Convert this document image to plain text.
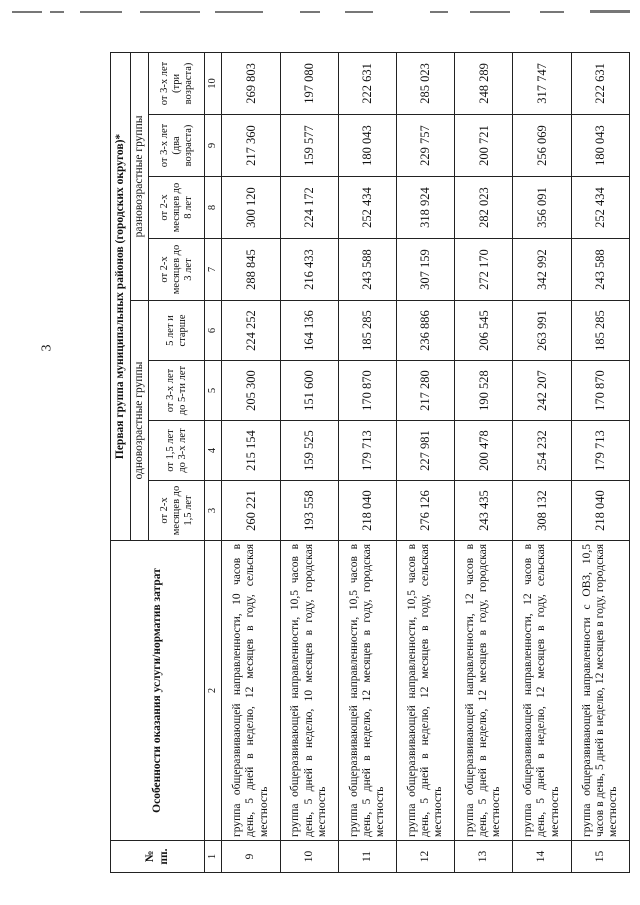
3
№ пп.	Особенности оказания услуги/норматив затрат	Первая группа муниципальных районов (городских округов)*							
		одновозрастные группы				разновозрастные группы			
		от 2-х месяцев до 1,5 лет	от 1,5 лет до 3-х лет	от 3-х лет до 5-ти лет	5 лет и старше	от 2-х месяцев до 3 лет	от 2-х месяцев до 8 лет	от 3-х лет (два возраста)	от 3-х лет (три возраста)
1	2	3	4	5	6	7	8	9	10
9	группа общеразвивающей направленности, 10 часов в день, 5 дней в неделю, 12 месяцев в году, сельская местность	260 221	215 154	205 300	224 252	288 845	300 120	217 360	269 803
10	группа общеразвивающей направленности, 10,5 часов в день, 5 дней в неделю, 10 месяцев в году, городская местность	193 558	159 525	151 600	164 136	216 433	224 172	159 577	197 080
11	группа общеразвивающей направленности, 10,5 часов в день, 5 дней в неделю, 12 месяцев в году, городская местность	218 040	179 713	170 870	185 285	243 588	252 434	180 043	222 631
12	группа общеразвивающей направленности, 10,5 часов в день, 5 дней в неделю, 12 месяцев в году, сельская местность	276 126	227 981	217 280	236 886	307 159	318 924	229 757	285 023
13	группа общеразвивающей направленности, 12 часов в день, 5 дней в неделю, 12 месяцев в году, городская местность	243 435	200 478	190 528	206 545	272 170	282 023	200 721	248 289
14	группа общеразвивающей направленности, 12 часов в день, 5 дней в неделю, 12 месяцев в году, сельская местность	308 132	254 232	242 207	263 991	342 992	356 091	256 069	317 747
15	группа общеразвивающей направленности с ОВЗ, 10,5 часов в день, 5 дней в неделю, 12 месяцев в году, городская местность	218 040	179 713	170 870	185 285	243 588	252 434	180 043	222 631
